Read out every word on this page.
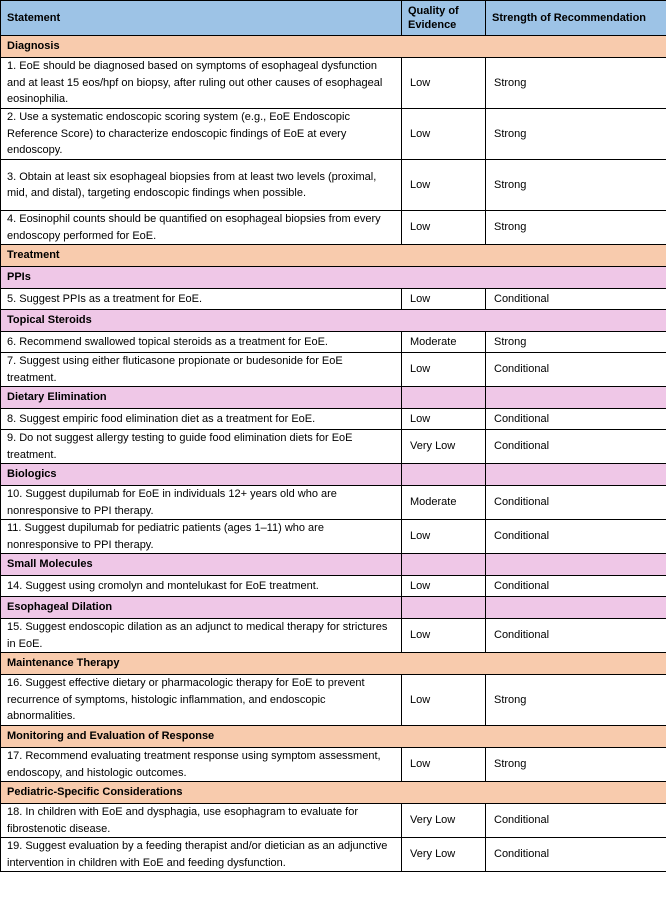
Statement	Quality of Evidence	Strength of Recommendation
Diagnosis		
1. EoE should be diagnosed based on symptoms of esophageal dysfunction and at least 15 eos/hpf on biopsy, after ruling out other causes of esophageal eosinophilia.	Low	Strong
2. Use a systematic endoscopic scoring system (e.g., EoE Endoscopic Reference Score) to characterize endoscopic findings of EoE at every endoscopy.	Low	Strong
3. Obtain at least six esophageal biopsies from at least two levels (proximal, mid, and distal), targeting endoscopic findings when possible.	Low	Strong
4. Eosinophil counts should be quantified on esophageal biopsies from every endoscopy performed for EoE.	Low	Strong
Treatment		
PPIs		
5. Suggest PPIs as a treatment for EoE.	Low	Conditional
Topical Steroids		
6. Recommend swallowed topical steroids as a treatment for EoE.	Moderate	Strong
7. Suggest using either fluticasone propionate or budesonide for EoE treatment.	Low	Conditional
Dietary Elimination		
8. Suggest empiric food elimination diet as a treatment for EoE.	Low	Conditional
9. Do not suggest allergy testing to guide food elimination diets for EoE treatment.	Very Low	Conditional
Biologics		
10. Suggest dupilumab for EoE in individuals 12+ years old who are nonresponsive to PPI therapy.	Moderate	Conditional
11. Suggest dupilumab for pediatric patients (ages 1–11) who are nonresponsive to PPI therapy.	Low	Conditional
Small Molecules		
14. Suggest using cromolyn and montelukast for EoE treatment.	Low	Conditional
Esophageal Dilation		
15. Suggest endoscopic dilation as an adjunct to medical therapy for strictures in EoE.	Low	Conditional
Maintenance Therapy		
16. Suggest effective dietary or pharmacologic therapy for EoE to prevent recurrence of symptoms, histologic inflammation, and endoscopic abnormalities.	Low	Strong
Monitoring and Evaluation of Response		
17. Recommend evaluating treatment response using symptom assessment, endoscopy, and histologic outcomes.	Low	Strong
Pediatric-Specific Considerations		
18. In children with EoE and dysphagia, use esophagram to evaluate for fibrostenotic disease.	Very Low	Conditional
19. Suggest evaluation by a feeding therapist and/or dietician as an adjunctive intervention in children with EoE and feeding dysfunction.	Very Low	Conditional
